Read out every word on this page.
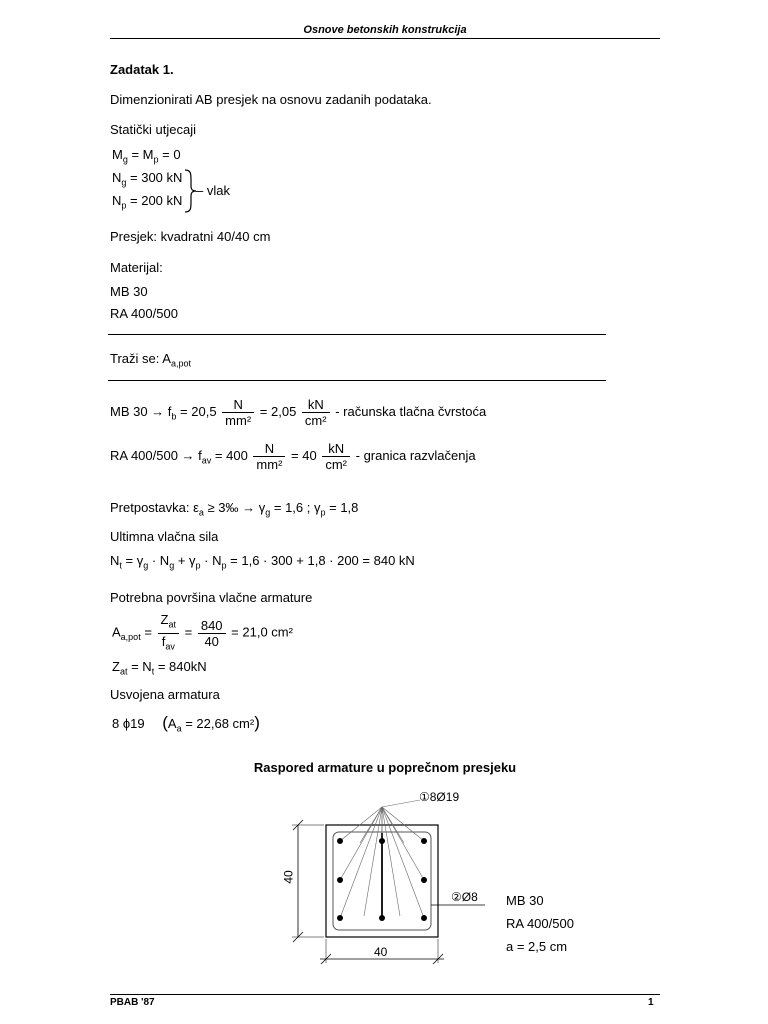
Osnove betonskih konstrukcija
Zadatak 1.
Dimenzionirati AB presjek na osnovu zadanih podataka.
Statički utjecaji
$M_g = M_p = 0$
$N_g = 300$ kN
$N_p = 200$ kN
– vlak
Presjek: kvadratni 40/40 cm
Materijal:
MB 30
RA 400/500
Traži se: $A_{a,pot}$
MB $30 \to f_b = 20,5 \frac{N}{\text{mm²}} = 2,05 \frac{kN}{\text{cm²}}$ - računska tlačna čvrstoća
RA $400/500 \to f_{av} = 400 \frac{N}{\text{mm²}} = 40 \frac{kN}{\text{cm²}}$ - granica razvlačenja
Pretpostavka: $\varepsilon_a$ ≥ 3‰ → $\gamma_g = 1,6$ ; $\gamma_p = 1,8$
Ultimna vlačna sila
$N_t = \gamma_g \cdot N_g + \gamma_p \cdot N_p = 1,6 \cdot 300 + 1,8 \cdot 200 = 840$ kN
Potrebna površina vlačne armature
$A_{a,pot} = \frac{Z_{at}}{f_{av}} = \frac{840}{40} = 21,0$ cm²
$Z_{at} = N_t = 840kN$
Usvojena armatura
8 ϕ19 ($A_a = 22,68$ cm²)
Raspored armature u poprečnom presjeku
①8Ø19
②Ø8
40
40
MB 30
RA 400/500
a = 2,5 cm
PBAB '87	1
